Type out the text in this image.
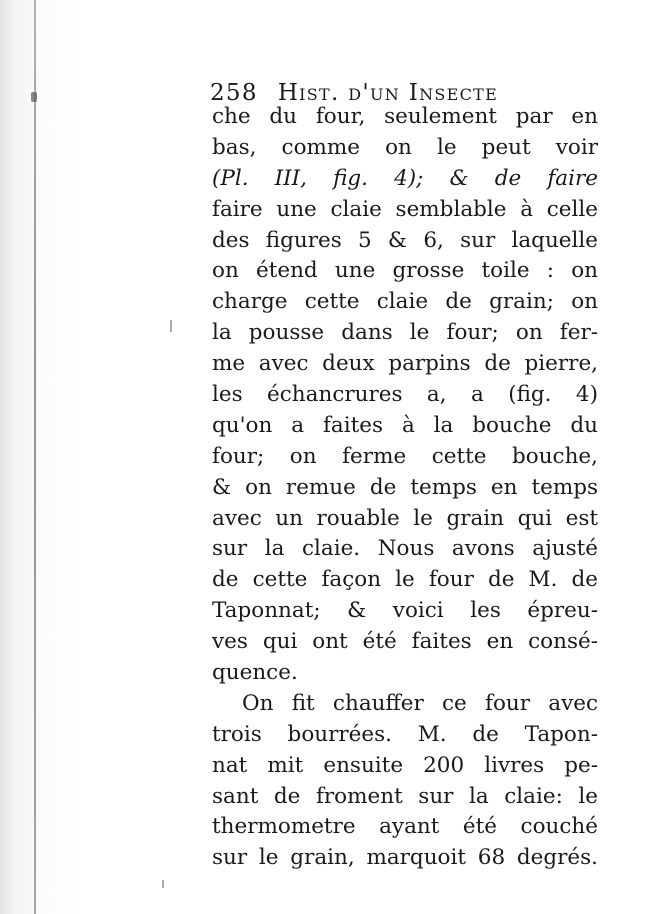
258 Hist. d'un Insecte
che du four, seulement par en
bas, comme on le peut voir
(Pl. III, fig. 4); & de faire
faire une claie semblable à celle
des figures 5 & 6, sur laquelle
on étend une grosse toile : on
charge cette claie de grain; on
la pousse dans le four; on fer-
me avec deux parpins de pierre,
les échancrures a, a (fig. 4)
qu'on a faites à la bouche du
four; on ferme cette bouche,
& on remue de temps en temps
avec un rouable le grain qui est
sur la claie. Nous avons ajusté
de cette façon le four de M. de
Taponnat; & voici les épreu-
ves qui ont été faites en consé-
quence.
On fit chauffer ce four avec
trois bourrées. M. de Tapon-
nat mit ensuite 200 livres pe-
sant de froment sur la claie: le
thermometre ayant été couché
sur le grain, marquoit 68 degrés.
